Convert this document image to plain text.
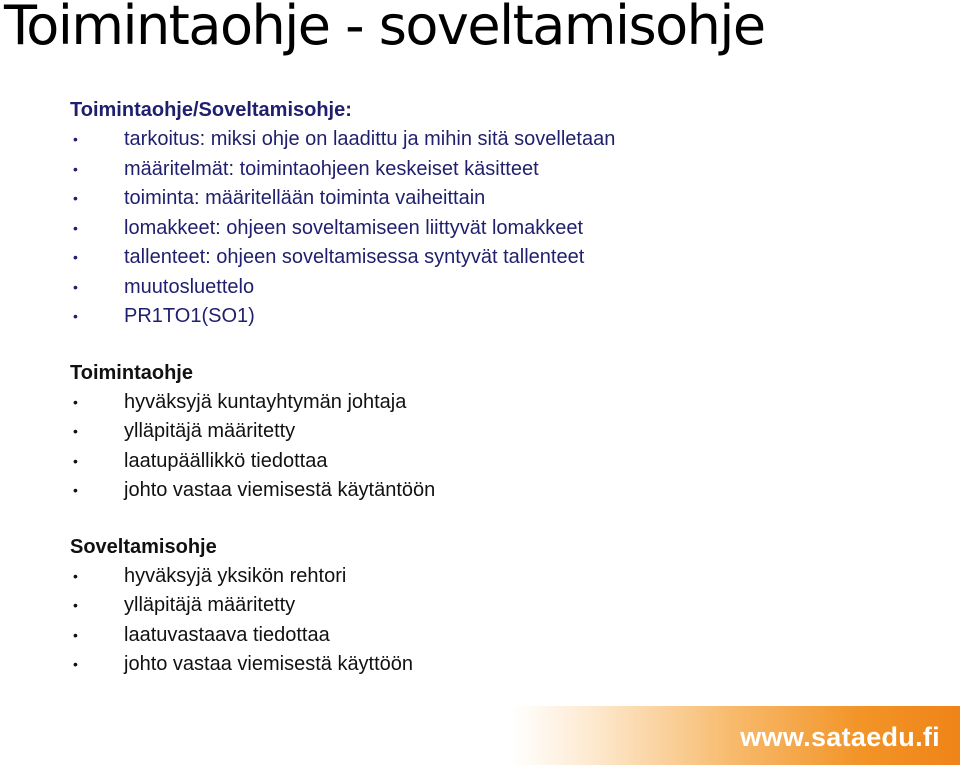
Toimintaohje - soveltamisohje
Toimintaohje/Soveltamisohje:
• tarkoitus: miksi ohje on laadittu ja mihin sitä sovelletaan
• määritelmät: toimintaohjeen keskeiset käsitteet
• toiminta: määritellään toiminta vaiheittain
• lomakkeet: ohjeen soveltamiseen liittyvät lomakkeet
• tallenteet: ohjeen soveltamisessa syntyvät tallenteet
• muutosluettelo
• PR1TO1(SO1)
Toimintaohje
• hyväksyjä kuntayhtymän johtaja
• ylläpitäjä määritetty
• laatupäällikkö tiedottaa
• johto vastaa viemisestä käytäntöön
Soveltamisohje
• hyväksyjä yksikön rehtori
• ylläpitäjä määritetty
• laatuvastaava tiedottaa
• johto vastaa viemisestä käyttöön
www.sataedu.fi
